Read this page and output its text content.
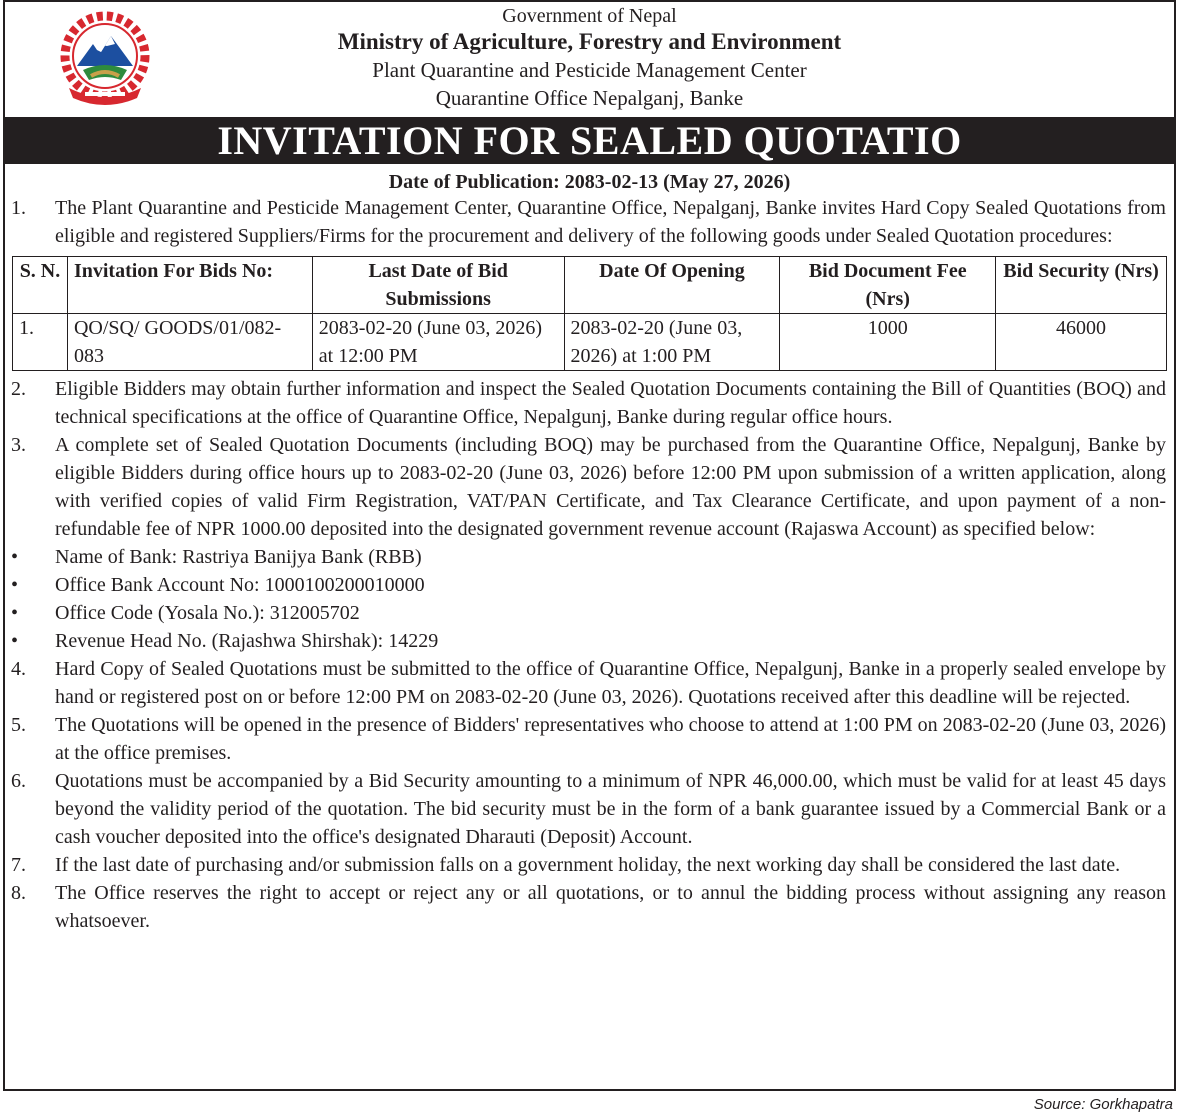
Government of Nepal
Ministry of Agriculture, Forestry and Environment
Plant Quarantine and Pesticide Management Center
Quarantine Office Nepalganj, Banke
INVITATION FOR SEALED QUOTATIO
Date of Publication: 2083-02-13 (May 27, 2026)
1. The Plant Quarantine and Pesticide Management Center, Quarantine Office, Nepalganj, Banke invites Hard Copy Sealed Quotations from eligible and registered Suppliers/Firms for the procurement and delivery of the following goods under Sealed Quotation procedures:
S. N.	Invitation For Bids No:	Last Date of Bid Submissions	Date Of Opening	Bid Document Fee (Nrs)	Bid Security (Nrs)
1.	QO/SQ/ GOODS/01/082-083	2083-02-20 (June 03, 2026) at 12:00 PM	2083-02-20 (June 03, 2026) at 1:00 PM	1000	46000
2. Eligible Bidders may obtain further information and inspect the Sealed Quotation Documents containing the Bill of Quantities (BOQ) and technical specifications at the office of Quarantine Office, Nepalgunj, Banke during regular office hours.
3. A complete set of Sealed Quotation Documents (including BOQ) may be purchased from the Quarantine Office, Nepalgunj, Banke by eligible Bidders during office hours up to 2083-02-20 (June 03, 2026) before 12:00 PM upon submission of a written application, along with verified copies of valid Firm Registration, VAT/PAN Certificate, and Tax Clearance Certificate, and upon payment of a non-refundable fee of NPR 1000.00 deposited into the designated government revenue account (Rajaswa Account) as specified below:
• Name of Bank: Rastriya Banijya Bank (RBB)
• Office Bank Account No: 1000100200010000
• Office Code (Yosala No.): 312005702
• Revenue Head No. (Rajashwa Shirshak): 14229
4. Hard Copy of Sealed Quotations must be submitted to the office of Quarantine Office, Nepalgunj, Banke in a properly sealed envelope by hand or registered post on or before 12:00 PM on 2083-02-20 (June 03, 2026). Quotations received after this deadline will be rejected.
5. The Quotations will be opened in the presence of Bidders' representatives who choose to attend at 1:00 PM on 2083-02-20 (June 03, 2026) at the office premises.
6. Quotations must be accompanied by a Bid Security amounting to a minimum of NPR 46,000.00, which must be valid for at least 45 days beyond the validity period of the quotation. The bid security must be in the form of a bank guarantee issued by a Commercial Bank or a cash voucher deposited into the office's designated Dharauti (Deposit) Account.
7. If the last date of purchasing and/or submission falls on a government holiday, the next working day shall be considered the last date.
8. The Office reserves the right to accept or reject any or all quotations, or to annul the bidding process without assigning any reason whatsoever.
Source: Gorkhapatra
